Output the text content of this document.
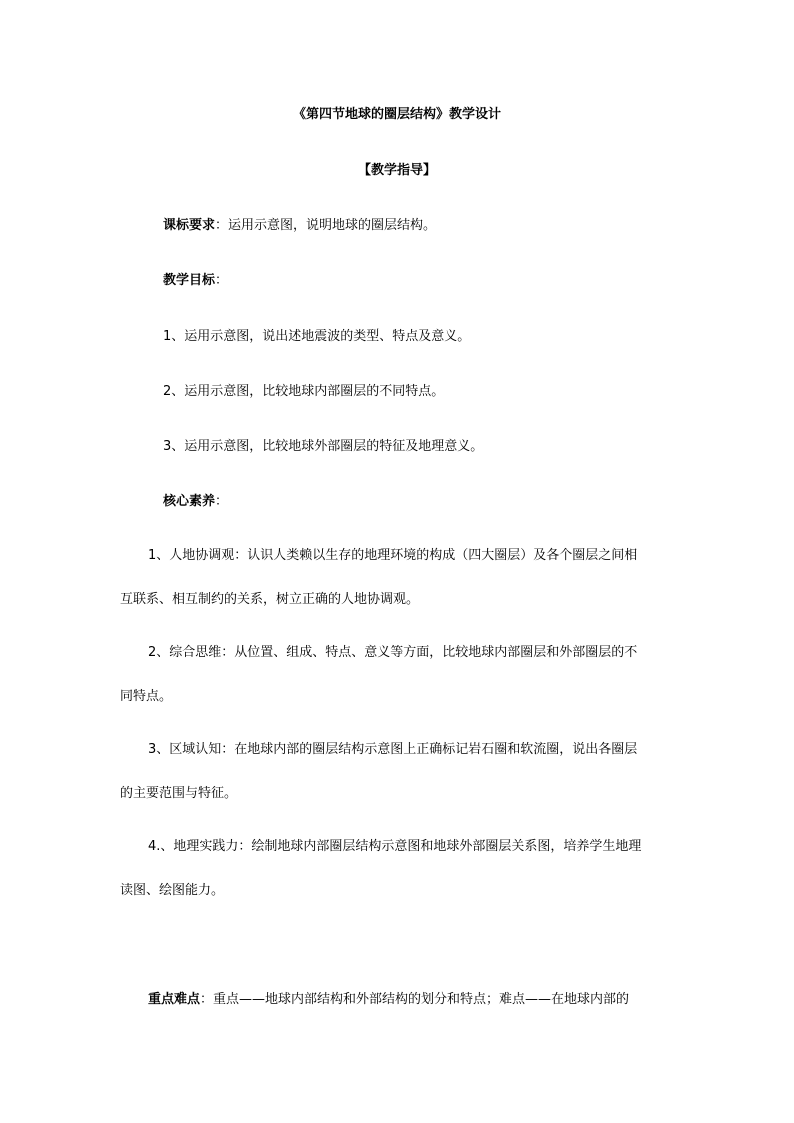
《第四节地球的圈层结构》教学设计
【教学指导】
课标要求：运用示意图，说明地球的圈层结构。
教学目标：
1、运用示意图，说出述地震波的类型、特点及意义。
2、运用示意图，比较地球内部圈层的不同特点。
3、运用示意图，比较地球外部圈层的特征及地理意义。
核心素养：
1、人地协调观：认识人类赖以生存的地理环境的构成（四大圈层）及各个圈层之间相
互联系、相互制约的关系，树立正确的人地协调观。
2、综合思维：从位置、组成、特点、意义等方面，比较地球内部圈层和外部圈层的不
同特点。
3、区域认知：在地球内部的圈层结构示意图上正确标记岩石圈和软流圈，说出各圈层
的主要范围与特征。
4.、地理实践力：绘制地球内部圈层结构示意图和地球外部圈层关系图，培养学生地理
读图、绘图能力。
重点难点：重点——地球内部结构和外部结构的划分和特点；难点——在地球内部的
